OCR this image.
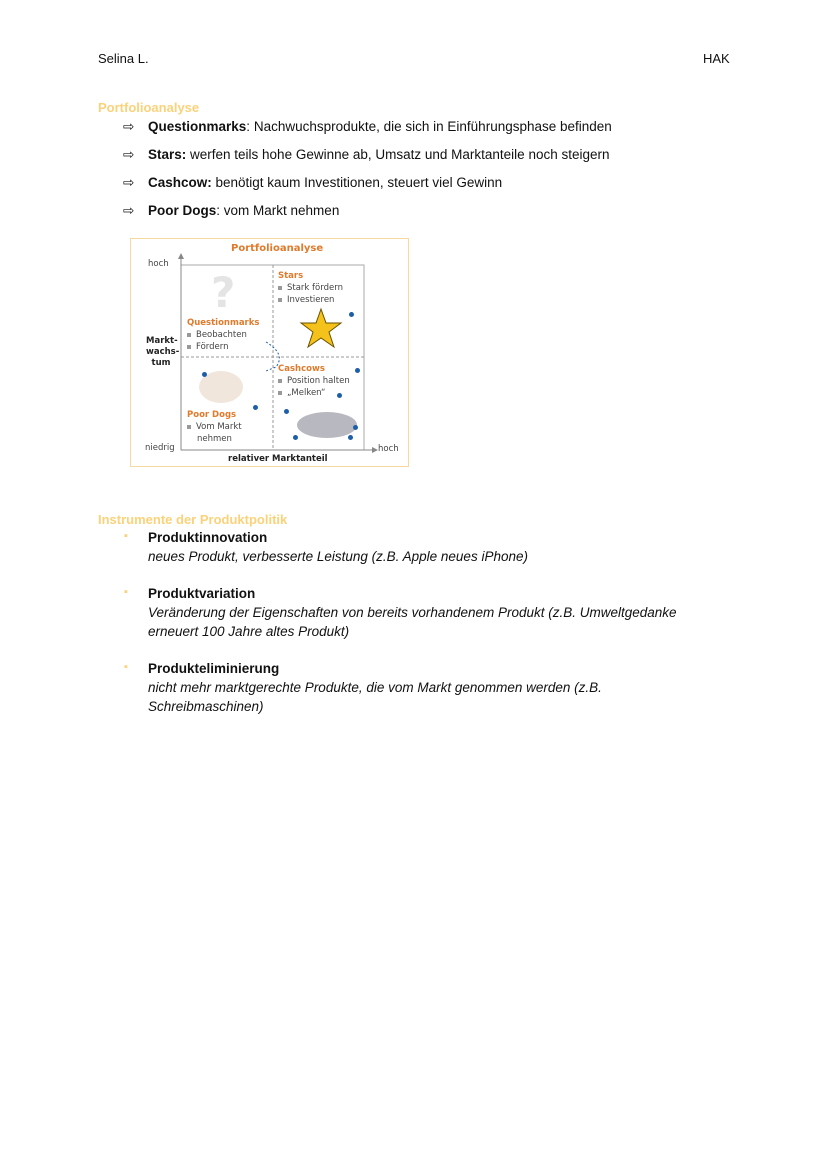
Selina L.	HAK
Portfolioanalyse
⇨ Questionmarks: Nachwuchsprodukte, die sich in Einführungsphase befinden
⇨ Stars: werfen teils hohe Gewinne ab, Umsatz und Marktanteile noch steigern
⇨ Cashcow: benötigt kaum Investitionen, steuert viel Gewinn
⇨ Poor Dogs: vom Markt nehmen
?
Portfolioanalyse
hoch
niedrig	hoch
Markt-
wachs-
tum
relativer Marktanteil
Stars
Stark fördern
Investieren
Questionmarks
Beobachten
Fördern
Cashcows
Position halten
„Melken“
Poor Dogs
Vom Markt
nehmen
Instrumente der Produktpolitik
▪ Produktinnovation
neues Produkt, verbesserte Leistung (z.B. Apple neues iPhone)
▪ Produktvariation
Veränderung der Eigenschaften von bereits vorhandenem Produkt (z.B. Umweltgedanke erneuert 100 Jahre altes Produkt)
▪ Produkteliminierung
nicht mehr marktgerechte Produkte, die vom Markt genommen werden (z.B. Schreibmaschinen)
